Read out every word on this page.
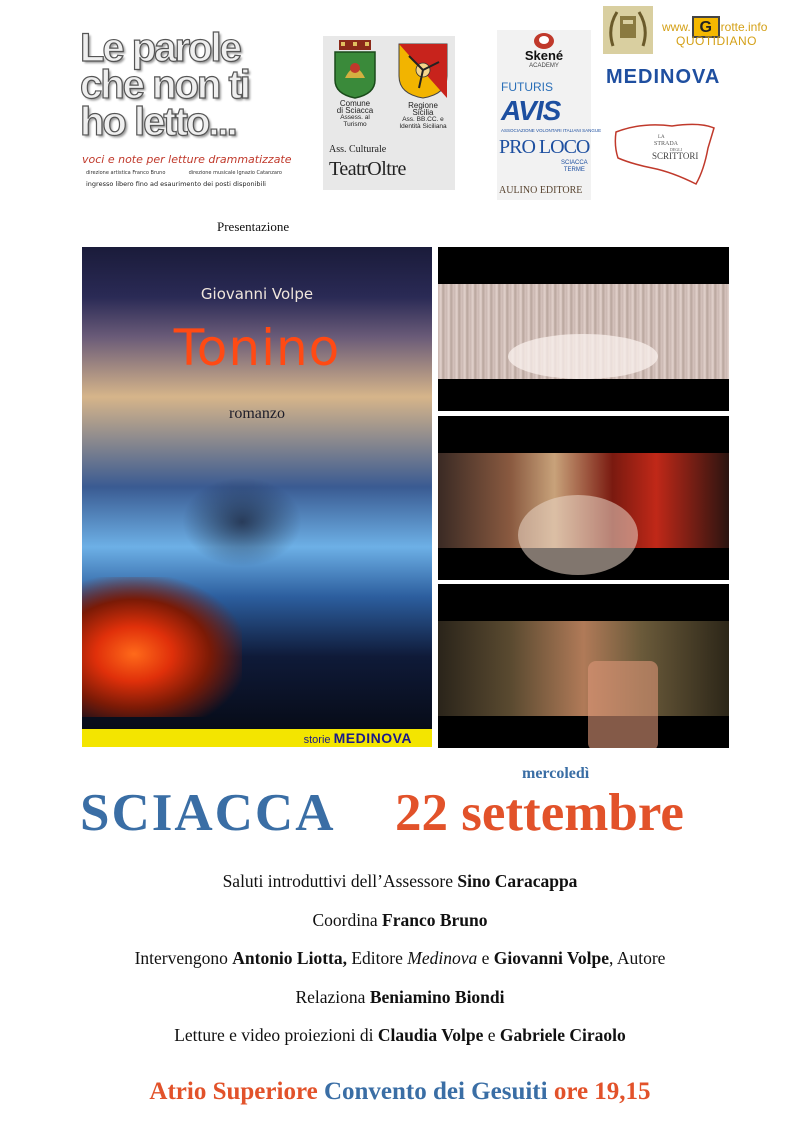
Le parole
che non ti
ho letto...
voci e note per letture drammatizzate
direzione artistica Franco Bruno	direzione musicale Ignazio Catanzaro
ingresso libero fino ad esaurimento dei posti disponibili
Comune
di Sciacca
Assess. al Turismo
Regione
Sicilia
Ass. BB.CC. e
Identità Siciliana
Ass. Culturale
TeatrOltre
Skené
ACADEMY
FUTURIS
AVIS
ASSOCIAZIONE VOLONTARI ITALIANI SANGUE
PRO LOCO
SCIACCA
TERME
AULINO EDITORE
www. G rotte.info
QUOTIDIANO
MEDINOVA
LA
STRADA
DEGLI
SCRITTORI
Presentazione
Giovanni Volpe
Tonino
romanzo
storie MEDINOVA
mercoledì
SCIACCA 22 settembre
Saluti introduttivi dell’Assessore Sino Caracappa
Coordina Franco Bruno
Intervengono Antonio Liotta, Editore Medinova e Giovanni Volpe, Autore
Relaziona Beniamino Biondi
Letture e video proiezioni di Claudia Volpe e Gabriele Ciraolo
Atrio Superiore Convento dei Gesuiti ore 19,15
